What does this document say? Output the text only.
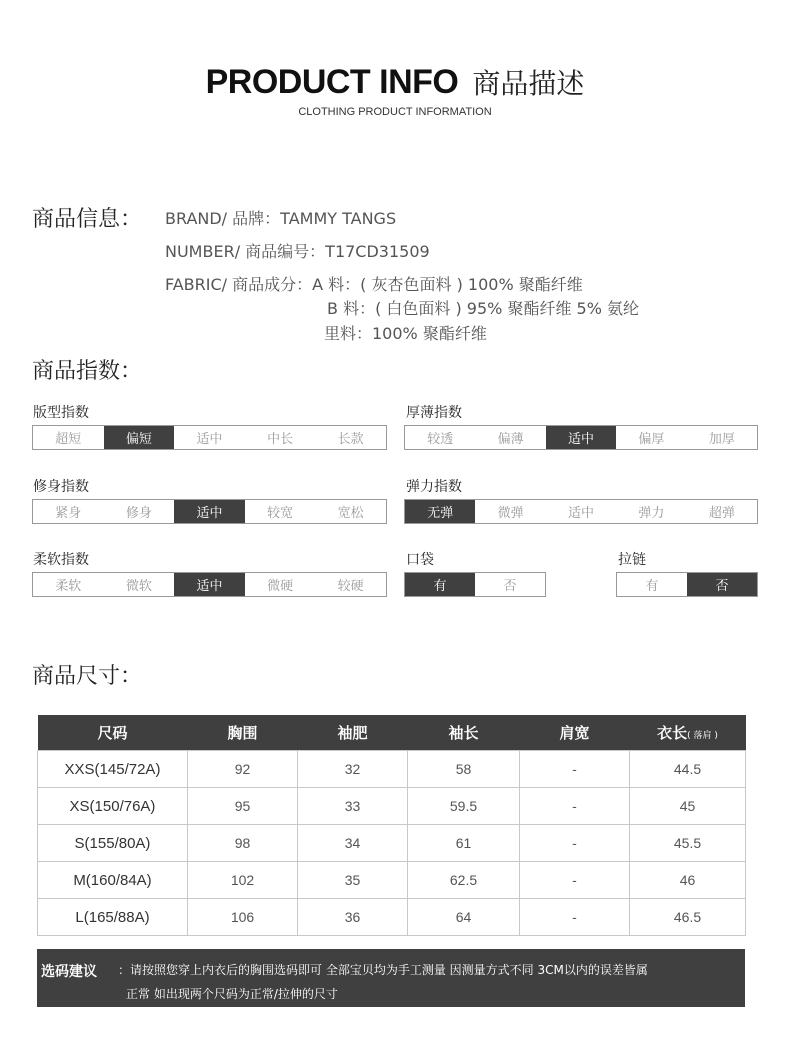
PRODUCT INFO 商品描述
CLOTHING PRODUCT INFORMATION
商品信息： BRAND/ 品牌：TAMMY TANGS
NUMBER/ 商品编号：T17CD31509
FABRIC/ 商品成分：A 料：( 灰杏色面料 ) 100% 聚酯纤维
B 料：( 白色面料 ) 95% 聚酯纤维 5% 氨纶
里料：100% 聚酯纤维
商品指数：
版型指数
超短	偏短	适中	中长	长款
厚薄指数
较透	偏薄	适中	偏厚	加厚
修身指数
紧身	修身	适中	较宽	宽松
弹力指数
无弹	微弹	适中	弹力	超弹
柔软指数
柔软	微软	适中	微硬	较硬
口袋
有	否
拉链
有	否
商品尺寸：
尺码	胸围	袖肥	袖长	肩宽	衣长( 落肩 )
XXS(145/72A)	92	32	58	-	44.5
XS(150/76A)	95	33	59.5	-	45
S(155/80A)	98	34	61	-	45.5
M(160/84A)	102	35	62.5	-	46
L(165/88A)	106	36	64	-	46.5
选码建议 ：请按照您穿上内衣后的胸围选码即可 全部宝贝均为手工测量 因测量方式不同 3CM以内的误差皆属
正常 如出现两个尺码为正常/拉伸的尺寸
